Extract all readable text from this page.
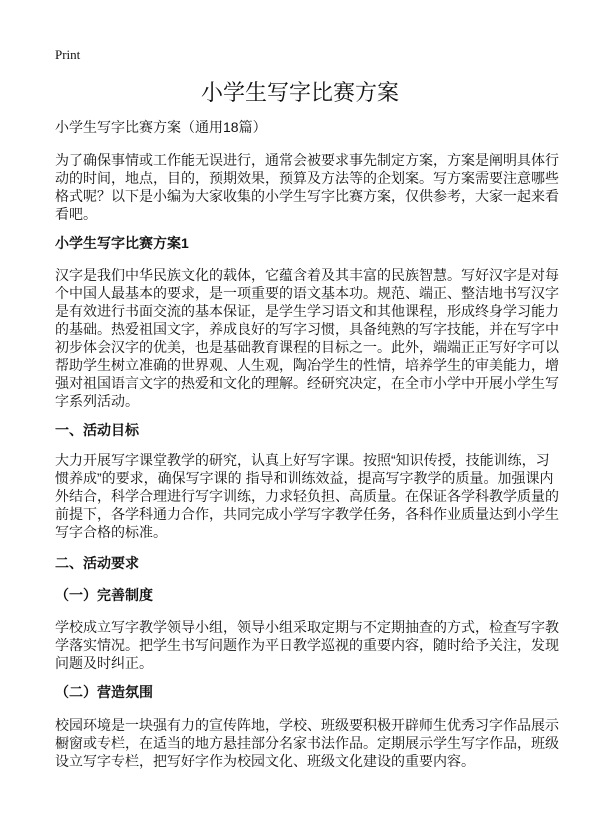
Print
小学生写字比赛方案
小学生写字比赛方案（通用18篇）
为了确保事情或工作能无误进行，通常会被要求事先制定方案，方案是阐明具体行
动的时间，地点，目的，预期效果，预算及方法等的企划案。写方案需要注意哪些
格式呢？以下是小编为大家收集的小学生写字比赛方案，仅供参考，大家一起来看
看吧。
小学生写字比赛方案1
汉字是我们中华民族文化的载体，它蕴含着及其丰富的民族智慧。写好汉字是对每
个中国人最基本的要求，是一项重要的语文基本功。规范、端正、整洁地书写汉字
是有效进行书面交流的基本保证，是学生学习语文和其他课程，形成终身学习能力
的基础。热爱祖国文字，养成良好的写字习惯，具备纯熟的写字技能，并在写字中
初步体会汉字的优美，也是基础教育课程的目标之一。此外，端端正正写好字可以
帮助学生树立准确的世界观、人生观，陶冶学生的性情，培养学生的审美能力，增
强对祖国语言文字的热爱和文化的理解。经研究决定，在全市小学中开展小学生写
字系列活动。
一、活动目标
大力开展写字课堂教学的研究，认真上好写字课。按照“知识传授，技能训练，习
惯养成”的要求，确保写字课的 指导和训练效益，提高写字教学的质量。加强课内
外结合，科学合理进行写字训练，力求轻负担、高质量。在保证各学科教学质量的
前提下，各学科通力合作，共同完成小学写字教学任务，各科作业质量达到小学生
写字合格的标准。
二、活动要求
（一）完善制度
学校成立写字教学领导小组，领导小组采取定期与不定期抽查的方式，检查写字教
学落实情况。把学生书写问题作为平日教学巡视的重要内容，随时给予关注，发现
问题及时纠正。
（二）营造氛围
校园环境是一块强有力的宣传阵地，学校、班级要积极开辟师生优秀习字作品展示
橱窗或专栏，在适当的地方悬挂部分名家书法作品。定期展示学生写字作品，班级
设立写字专栏，把写好字作为校园文化、班级文化建设的重要内容。
